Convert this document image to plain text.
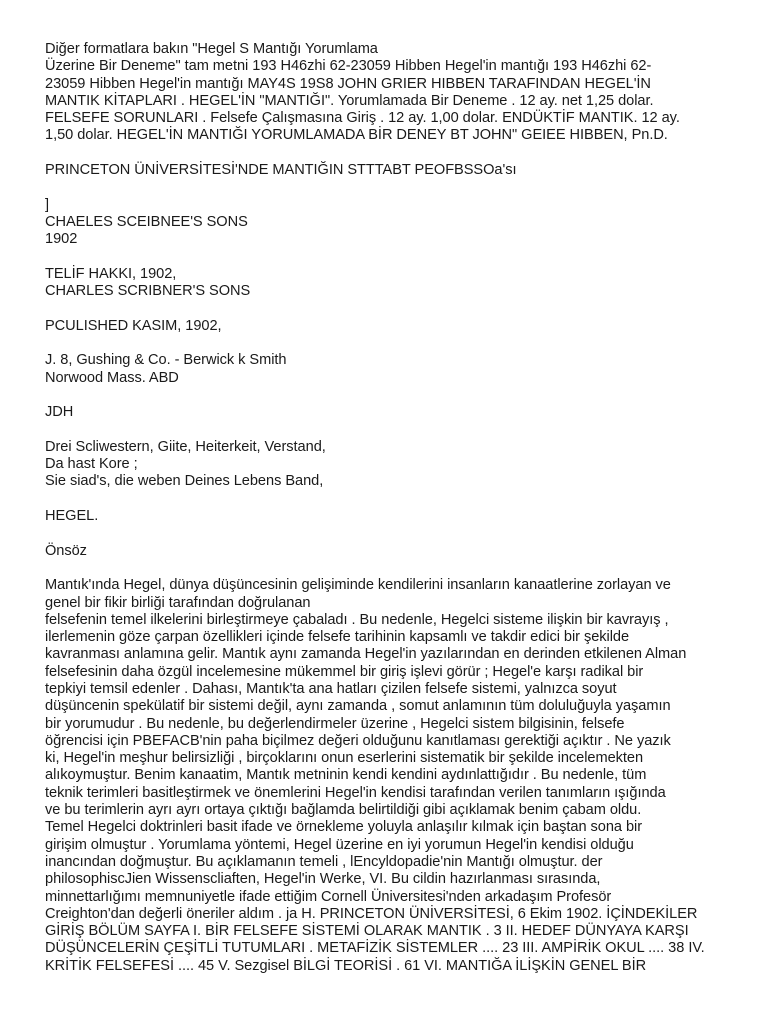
Diğer formatlara bakın "Hegel S Mantığı Yorumlama
Üzerine Bir Deneme" tam metni 193 H46zhi 62-23059 Hibben Hegel'in mantığı 193 H46zhi 62-
23059 Hibben Hegel'in mantığı MAY4S 19S8 JOHN GRIER HIBBEN TARAFINDAN HEGEL'İN
MANTIK KİTAPLARI . HEGEL'İN "MANTIĞI". Yorumlamada Bir Deneme . 12 ay. net 1,25 dolar.
FELSEFE SORUNLARI . Felsefe Çalışmasına Giriş . 12 ay. 1,00 dolar. ENDÜKTİF MANTIK. 12 ay.
1,50 dolar. HEGEL'İN MANTIĞI YORUMLAMADA BİR DENEY BT JOHN" GEIEE HIBBEN, Pn.D.

PRINCETON ÜNİVERSİTESİ'NDE MANTIĞIN STTTABT PEOFBSSOa'sı

]
CHAELES SCEIBNEE'S SONS
1902

TELİF HAKKI, 1902,
CHARLES SCRIBNER'S SONS

PCULISHED KASIM, 1902,

J. 8, Gushing & Co. - Berwick k Smith
Norwood Mass. ABD

JDH

Drei Scliwestern, Giite, Heiterkeit, Verstand,
Da hast Kore ;
Sie siad's, die weben Deines Lebens Band,

HEGEL.

Önsöz

Mantık'ında Hegel, dünya düşüncesinin gelişiminde kendilerini insanların kanaatlerine zorlayan ve
genel bir fikir birliği tarafından doğrulanan
felsefenin temel ilkelerini birleştirmeye çabaladı . Bu nedenle, Hegelci sisteme ilişkin bir kavrayış ,
ilerlemenin göze çarpan özellikleri içinde felsefe tarihinin kapsamlı ve takdir edici bir şekilde
kavranması anlamına gelir. Mantık aynı zamanda Hegel'in yazılarından en derinden etkilenen Alman
felsefesinin daha özgül incelemesine mükemmel bir giriş işlevi görür ; Hegel'e karşı radikal bir
tepkiyi temsil edenler . Dahası, Mantık'ta ana hatları çizilen felsefe sistemi, yalnızca soyut
düşüncenin spekülatif bir sistemi değil, aynı zamanda , somut anlamının tüm doluluğuyla yaşamın
bir yorumudur . Bu nedenle, bu değerlendirmeler üzerine , Hegelci sistem bilgisinin, felsefe
öğrencisi için PBEFACB'nin paha biçilmez değeri olduğunu kanıtlaması gerektiği açıktır . Ne yazık
ki, Hegel'in meşhur belirsizliği , birçoklarını onun eserlerini sistematik bir şekilde incelemekten
alıkoymuştur. Benim kanaatim, Mantık metninin kendi kendini aydınlattığıdır . Bu nedenle, tüm
teknik terimleri basitleştirmek ve önemlerini Hegel'in kendisi tarafından verilen tanımların ışığında
ve bu terimlerin ayrı ayrı ortaya çıktığı bağlamda belirtildiği gibi açıklamak benim çabam oldu.
Temel Hegelci doktrinleri basit ifade ve örnekleme yoluyla anlaşılır kılmak için baştan sona bir
girişim olmuştur . Yorumlama yöntemi, Hegel üzerine en iyi yorumun Hegel'in kendisi olduğu
inancından doğmuştur. Bu açıklamanın temeli , lEncyldopadie'nin Mantığı olmuştur. der
philosophiscJien Wissenscliaften, Hegel'in Werke, VI. Bu cildin hazırlanması sırasında,
minnettarlığımı memnuniyetle ifade ettiğim Cornell Üniversitesi'nden arkadaşım Profesör
Creighton'dan değerli öneriler aldım . ja H. PRINCETON ÜNİVERSİTESİ, 6 Ekim 1902. İÇİNDEKİLER
GİRİŞ BÖLÜM SAYFA I. BİR FELSEFE SİSTEMİ OLARAK MANTIK . 3 II. HEDEF DÜNYAYA KARŞI
DÜŞÜNCELERİN ÇEŞİTLİ TUTUMLARI . METAFİZİK SİSTEMLER .... 23 III. AMPİRİK OKUL .... 38 IV.
KRİTİK FELSEFESİ .... 45 V. Sezgisel BİLGİ TEORİSİ . 61 VI. MANTIĞA İLİŞKİN GENEL BİR
